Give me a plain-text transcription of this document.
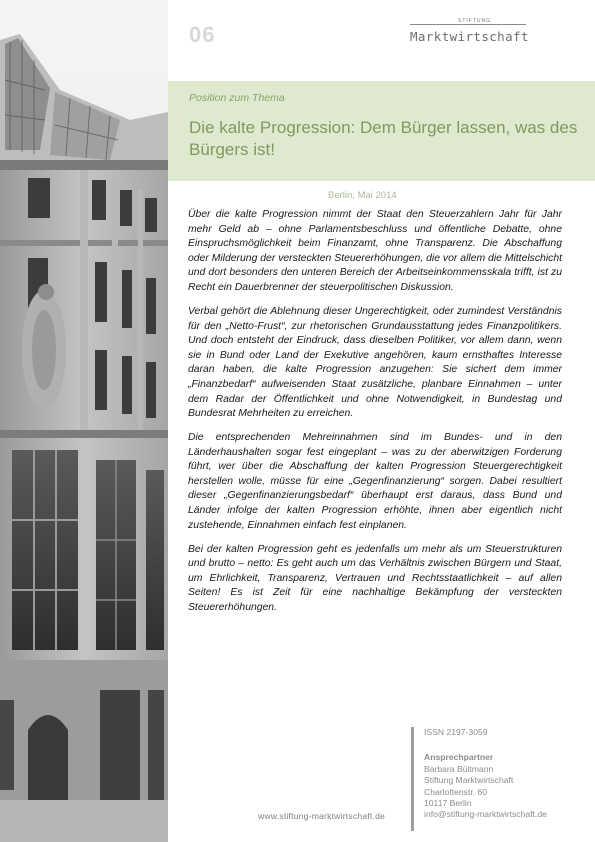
06
STIFTUNG
Marktwirtschaft
Position zum Thema
Die kalte Progression: Dem Bürger lassen, was des Bürgers ist!
Berlin, Mai 2014

Über die kalte Progression nimmt der Staat den Steuerzahlern Jahr für Jahr mehr Geld ab – ohne Parlamentsbeschluss und öffentliche Debatte, ohne Einspruchsmöglichkeit beim Finanzamt, ohne Transparenz. Die Abschaffung oder Milderung der versteckten Steuererhöhungen, die vor allem die Mittelschicht und dort besonders den unteren Bereich der Arbeitseinkommensskala trifft, ist zu Recht ein Dauerbrenner der steuerpolitischen Diskussion.

Verbal gehört die Ablehnung dieser Ungerechtigkeit, oder zumindest Verständnis für den „Netto-Frust“, zur rhetorischen Grundausstattung jedes Finanzpolitikers. Und doch entsteht der Eindruck, dass dieselben Politiker, vor allem dann, wenn sie in Bund oder Land der Exekutive angehören, kaum ernsthaftes Interesse daran haben, die kalte Progression anzugehen: Sie sichert dem immer „Finanzbedarf“ aufweisenden Staat zusätzliche, planbare Einnahmen – unter dem Radar der Öffentlichkeit und ohne Notwendigkeit, in Bundestag und Bundesrat Mehrheiten zu erreichen.

Die entsprechenden Mehreinnahmen sind im Bundes- und in den Länderhaushalten sogar fest eingeplant – was zu der aberwitzigen Forderung führt, wer über die Abschaffung der kalten Progression Steuergerechtigkeit herstellen wolle, müsse für eine „Gegenfinanzierung“ sorgen. Dabei resultiert dieser „Gegenfinanzierungsbedarf“ überhaupt erst daraus, dass Bund und Länder infolge der kalten Progression erhöhte, ihnen aber eigentlich nicht zustehende, Einnahmen einfach fest einplanen.

Bei der kalten Progression geht es jedenfalls um mehr als um Steuerstrukturen und brutto – netto: Es geht auch um das Verhältnis zwischen Bürgern und Staat, um Ehrlichkeit, Transparenz, Vertrauen und Rechtsstaatlichkeit – auf allen Seiten! Es ist Zeit für eine nachhaltige Bekämpfung der versteckten Steuererhöhungen.

www.stiftung-marktwirtschaft.de
ISSN 2197-3059
Ansprechpartner
Barbara Bültmann
Stiftung Marktwirtschaft
Charlottenstr. 60
10117 Berlin
info@stiftung-marktwirtschaft.de
